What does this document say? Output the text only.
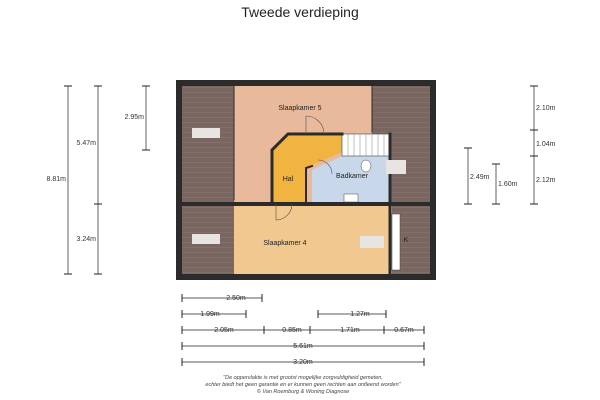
Tweede verdieping
Slaapkamer 5
Hal	Badkamer
Slaapkamer 4	K
8.81m
5.47m
2.95m
3.24m
2.10m
1.04m
2.12m
2.49m
1.60m
2.50m
1.99m	1.27m
2.05m	0.85m	1.71m	0.67m
5.61m
3.20m
"De oppervlakte is met grootst mogelijke zorgvuldigheid gemeten,
echter biedt het geen garantie en er kunnen geen rechten aan ontleend worden"
© Van Roemburg & Woning Diagnose
